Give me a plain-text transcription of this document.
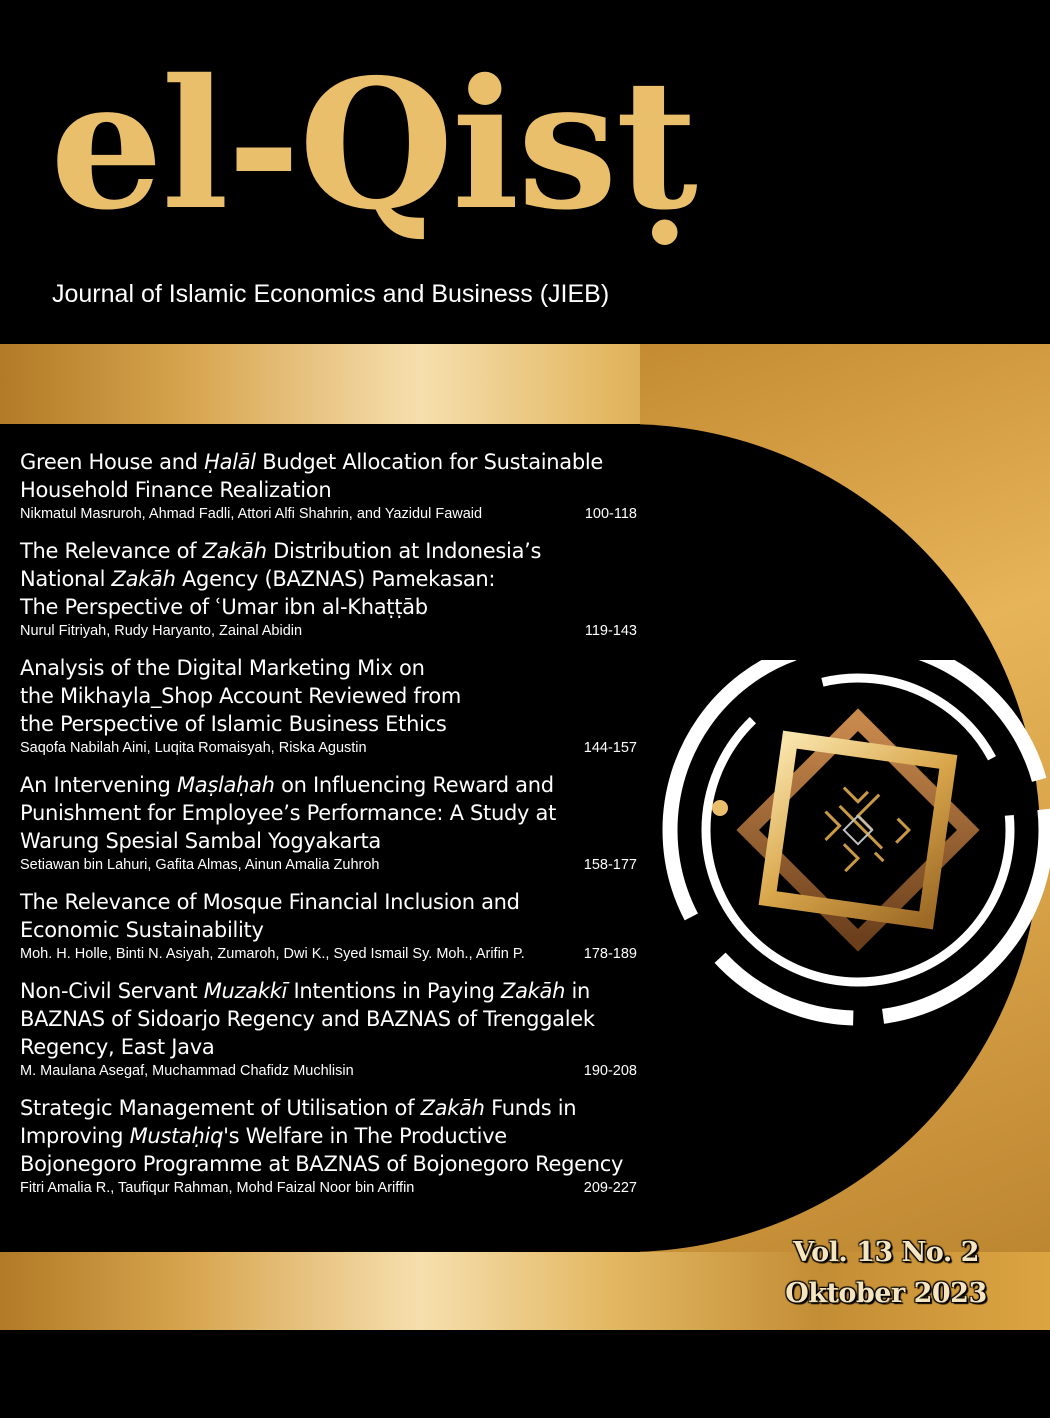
el-Qisṭ
Journal of Islamic Economics and Business (JIEB)
Green House and Ḥalāl Budget Allocation for Sustainable
Household Finance Realization
Nikmatul Masruroh, Ahmad Fadli, Attori Alfi Shahrin, and Yazidul Fawaid	100-118
The Relevance of Zakāh Distribution at Indonesia’s
National Zakāh Agency (BAZNAS) Pamekasan:
The Perspective of ʿUmar ibn al-Khaṭṭāb
Nurul Fitriyah, Rudy Haryanto, Zainal Abidin	119-143
Analysis of the Digital Marketing Mix on
the Mikhayla_Shop Account Reviewed from
the Perspective of Islamic Business Ethics
Saqofa Nabilah Aini, Luqita Romaisyah, Riska Agustin	144-157
An Intervening Maṣlaḥah on Influencing Reward and
Punishment for Employee’s Performance: A Study at
Warung Spesial Sambal Yogyakarta
Setiawan bin Lahuri, Gafita Almas, Ainun Amalia Zuhroh	158-177
The Relevance of Mosque Financial Inclusion and
Economic Sustainability
Moh. H. Holle, Binti N. Asiyah, Zumaroh, Dwi K., Syed Ismail Sy. Moh., Arifin P.	178-189
Non-Civil Servant Muzakkī Intentions in Paying Zakāh in
BAZNAS of Sidoarjo Regency and BAZNAS of Trenggalek
Regency, East Java
M. Maulana Asegaf, Muchammad Chafidz Muchlisin	190-208
Strategic Management of Utilisation of Zakāh Funds in
Improving Mustaḥiq's Welfare in The Productive
Bojonegoro Programme at BAZNAS of Bojonegoro Regency
Fitri Amalia R., Taufiqur Rahman, Mohd Faizal Noor bin Ariffin	209-227
Vol. 13 No. 2
Oktober 2023
